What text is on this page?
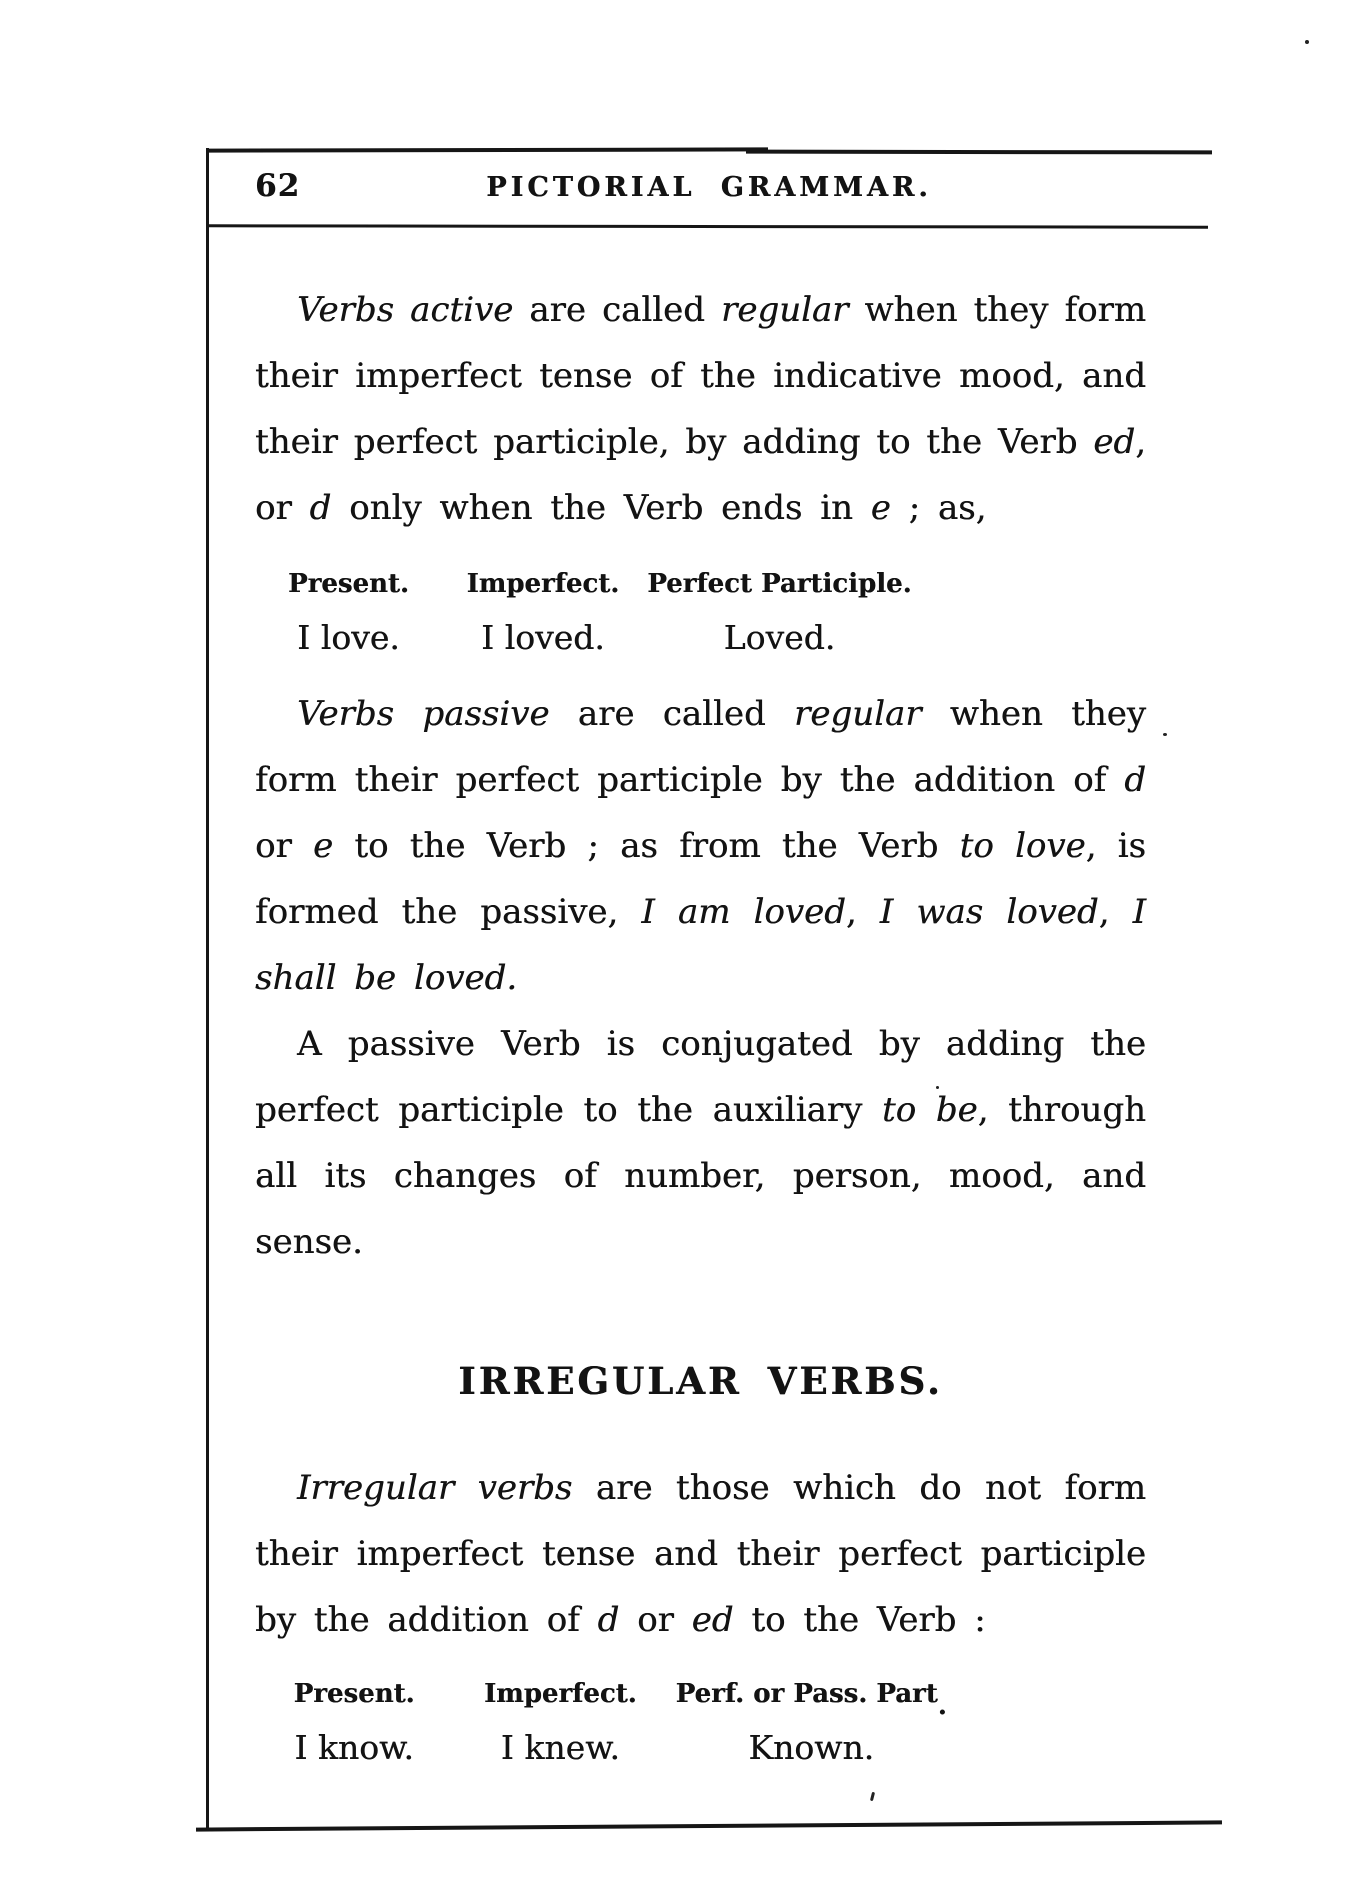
62	PICTORIAL GRAMMAR.
Verbs active are called regular when they form
their imperfect tense of the indicative mood, and
their perfect participle, by adding to the Verb ed,
or d only when the Verb ends in e ; as,
Present.	Imperfect.	Perfect Participle.
I love.	I loved.	Loved.
Verbs passive are called regular when they
form their perfect participle by the addition of d
or e to the Verb ; as from the Verb to love, is
formed the passive, I am loved, I was loved, I
shall be loved.
A passive Verb is conjugated by adding the
perfect participle to the auxiliary to be, through
all its changes of number, person, mood, and
sense.
IRREGULAR VERBS.
Irregular verbs are those which do not form
their imperfect tense and their perfect participle
by the addition of d or ed to the Verb :
Present.	Imperfect.	Perf. or Pass. Part.
I know.	I knew.	Known.
